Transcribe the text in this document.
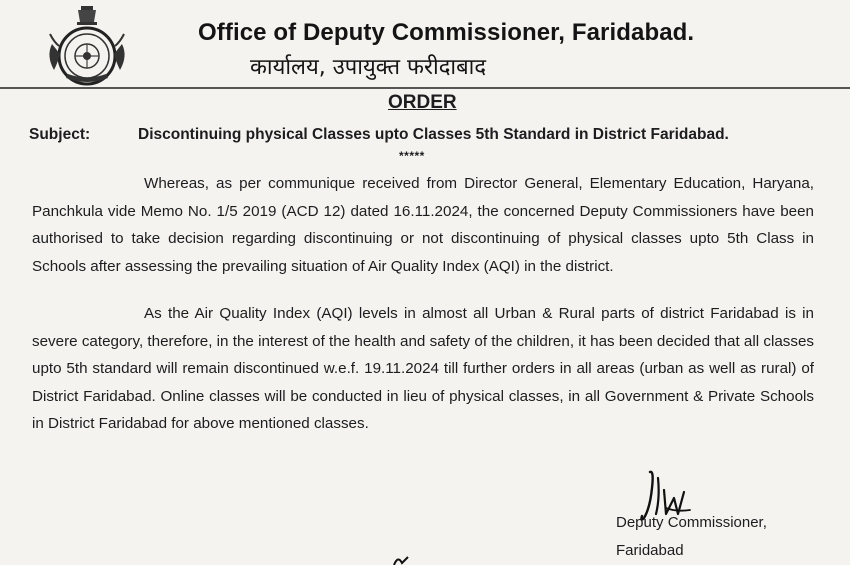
Office of Deputy Commissioner, Faridabad.
कार्यालय, उपायुक्त फरीदाबाद
ORDER
Subject:	Discontinuing physical Classes upto Classes 5th Standard in District Faridabad.
*****

Whereas, as per communique received from Director General, Elementary Education, Haryana, Panchkula vide Memo No. 1/5 2019 (ACD 12) dated 16.11.2024, the concerned Deputy Commissioners have been authorised to take decision regarding discontinuing or not discontinuing of physical classes upto 5th Class in Schools after assessing the prevailing situation of Air Quality Index (AQI) in the district.

As the Air Quality Index (AQI) levels in almost all Urban & Rural parts of district Faridabad is in severe category, therefore, in the interest of the health and safety of the children, it has been decided that all classes upto 5th standard will remain discontinued w.e.f. 19.11.2024 till further orders in all areas (urban as well as rural) of District Faridabad. Online classes will be conducted in lieu of physical classes, in all Government & Private Schools in District Faridabad for above mentioned classes.

Deputy Commissioner,
Faridabad
